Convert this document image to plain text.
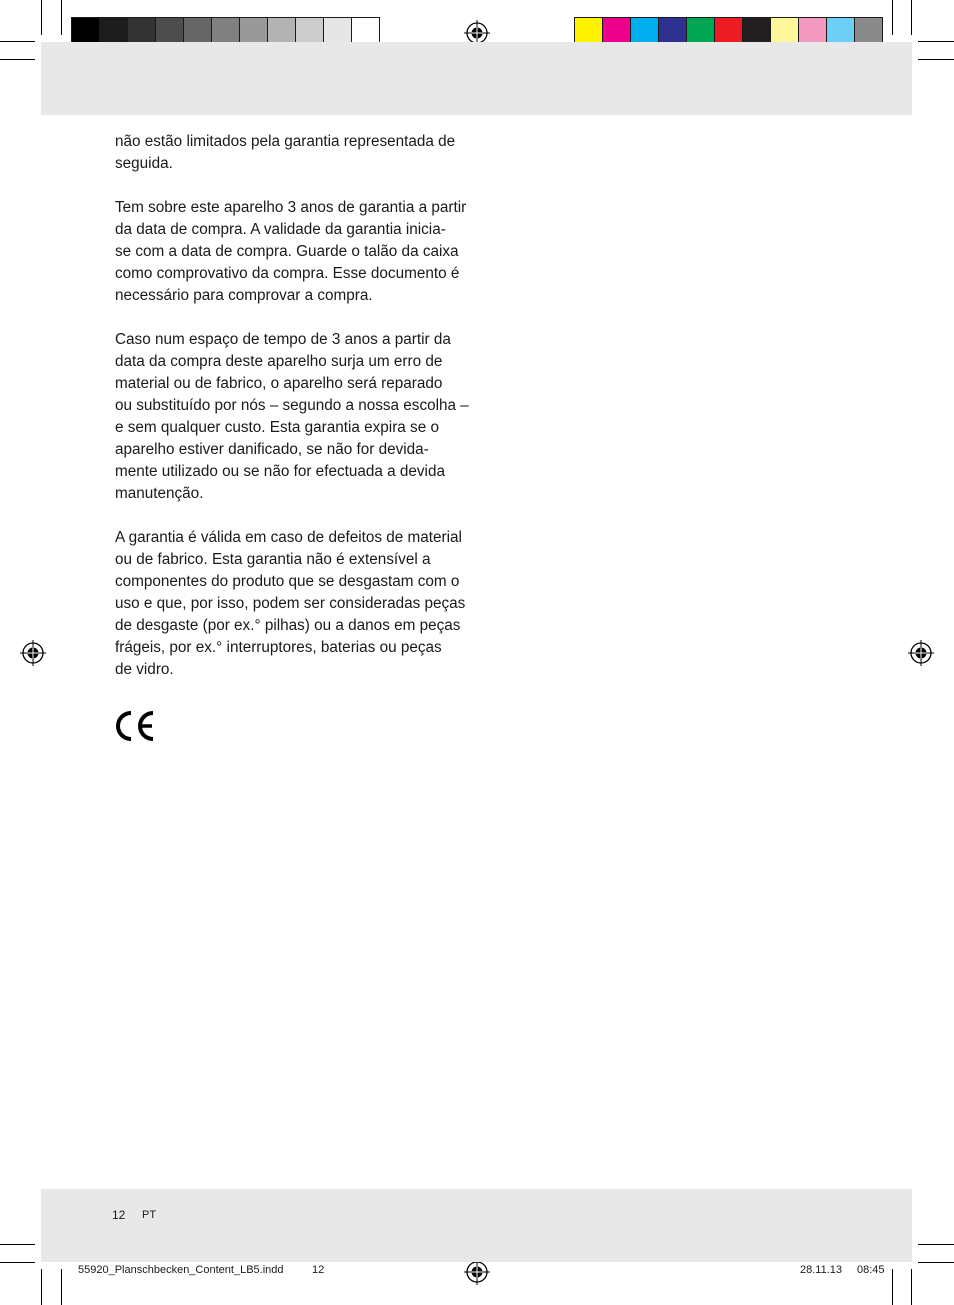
não estão limitados pela garantia representada de
seguida.

Tem sobre este aparelho 3 anos de garantia a partir
da data de compra. A validade da garantia inicia-
se com a data de compra. Guarde o talão da caixa
como comprovativo da compra. Esse documento é
necessário para comprovar a compra.

Caso num espaço de tempo de 3 anos a partir da
data da compra deste aparelho surja um erro de
material ou de fabrico, o aparelho será reparado
ou substituído por nós – segundo a nossa escolha –
e sem qualquer custo. Esta garantia expira se o
aparelho estiver danificado, se não for devida-
mente utilizado ou se não for efectuada a devida
manutenção.

A garantia é válida em caso de defeitos de material
ou de fabrico. Esta garantia não é extensível a
componentes do produto que se desgastam com o
uso e que, por isso, podem ser consideradas peças
de desgaste (por ex.° pilhas) ou a danos em peças
frágeis, por ex.° interruptores, baterias ou peças
de vidro.

12 PT
55920_Planschbecken_Content_LB5.indd	12	28.11.13 08:45
